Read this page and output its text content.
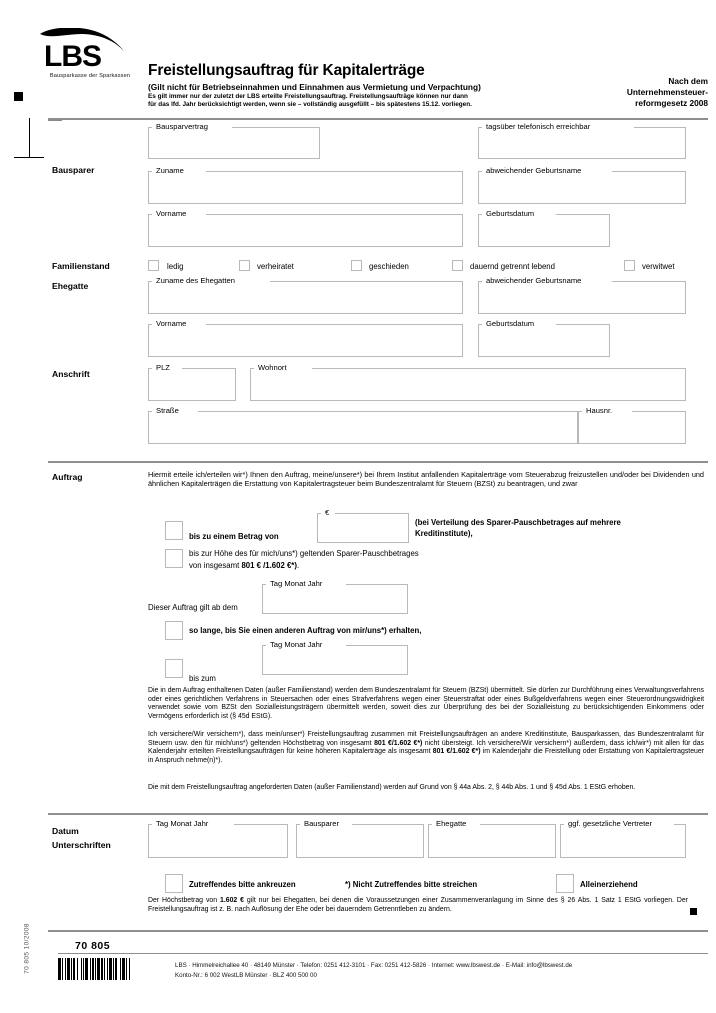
70 805 10/2008
LBS
Bausparkasse der Sparkassen	Freistellungsauftrag für Kapitalerträge
(Gilt nicht für Betriebseinnahmen und Einnahmen aus Vermietung und Verpachtung)
Es gilt immer nur der zuletzt der LBS erteilte Freistellungsauftrag. Freistellungsaufträge können nur dann
für das lfd. Jahr berücksichtigt werden, wenn sie – vollständig ausgefüllt – bis spätestens 15.12. vorliegen.
Nach dem
Unternehmensteuer-
reformgesetz 2008
Bausparer
Bausparvertrag	tagsüber telefonisch erreichbar
Zuname	abweichender Geburtsname
Vorname	Geburtsdatum
Familienstand	ledig	verheiratet	geschieden	dauernd getrennt lebend	verwitwet
Ehegatte
Zuname des Ehegatten	abweichender Geburtsname
Vorname	Geburtsdatum
Anschrift
PLZ	Wohnort
Straße	Hausnr.
Auftrag	Hiermit erteile ich/erteilen wir*) Ihnen den Auftrag, meine/unsere*) bei Ihrem Institut anfallenden Kapitalerträge vom Steuerabzug freizustellen und/oder bei Dividenden und ähnlichen Kapitalerträgen die Erstattung von Kapitalertragsteuer beim Bundeszentralamt für Steuern (BZSt) zu beantragen, und zwar
€
bis zu einem Betrag von
(bei Verteilung des Sparer-Pauschbetrages auf mehrere
Kreditinstitute),
bis zur Höhe des für mich/uns*) geltenden Sparer-Pauschbetrages
von insgesamt 801 € /1.602 €*).
Tag Monat Jahr
Dieser Auftrag gilt ab dem
so lange, bis Sie einen anderen Auftrag von mir/uns*) erhalten,
Tag Monat Jahr
bis zum
Die in dem Auftrag enthaltenen Daten (außer Familienstand) werden dem Bundeszentralamt für Steuern (BZSt) übermittelt. Sie dürfen zur Durchführung eines Verwaltungsverfahrens oder eines gerichtlichen Verfahrens in Steuersachen oder eines Strafverfahrens wegen einer Steuerstraftat oder eines Bußgeldverfahrens wegen einer Steuerordnungswidrigkeit verwendet sowie vom BZSt den Sozialleistungsträgern übermittelt werden, soweit dies zur Überprüfung des bei der Sozialleistung zu berücksichtigenden Einkommens oder Vermögens erforderlich ist (§ 45d EStG).
Ich versichere/Wir versichern*), dass mein/unser*) Freistellungsauftrag zusammen mit Freistellungsaufträgen an andere Kreditinstitute, Bausparkassen, das Bundeszentralamt für Steuern usw. den für mich/uns*) geltenden Höchstbetrag von insgesamt 801 €/1.602 €*) nicht übersteigt. Ich versichere/Wir versichern*) außerdem, dass ich/wir*) mit allen für das Kalenderjahr erteilten Freistellungsaufträgen für keine höheren Kapitalerträge als insgesamt 801 €/1.602 €*) im Kalenderjahr die Freistellung oder Erstattung von Kapitalertragsteuer in Anspruch nehme(n)*).
Die mit dem Freistellungsauftrag angeforderten Daten (außer Familienstand) werden auf Grund von § 44a Abs. 2, § 44b Abs. 1 und § 45d Abs. 1 EStG erhoben.
Datum
Unterschriften
Tag Monat Jahr	Bausparer	Ehegatte	ggf. gesetzliche Vertreter
Zutreffendes bitte ankreuzen	*) Nicht Zutreffendes bitte streichen	Alleinerziehend
Der Höchstbetrag von 1.602 € gilt nur bei Ehegatten, bei denen die Voraussetzungen einer Zusammenveranlagung im Sinne des § 26 Abs. 1 Satz 1 EStG vorliegen. Der Freistellungsauftrag ist z. B. nach Auflösung der Ehe oder bei dauerndem Getrenntleben zu ändern.
70 805
LBS · Himmelreichallee 40 · 48149 Münster · Telefon: 0251 412-3101 · Fax: 0251 412-5826 · Internet: www.lbswest.de · E-Mail: info@lbswest.de
Konto-Nr.: 6 002 WestLB Münster · BLZ 400 500 00
